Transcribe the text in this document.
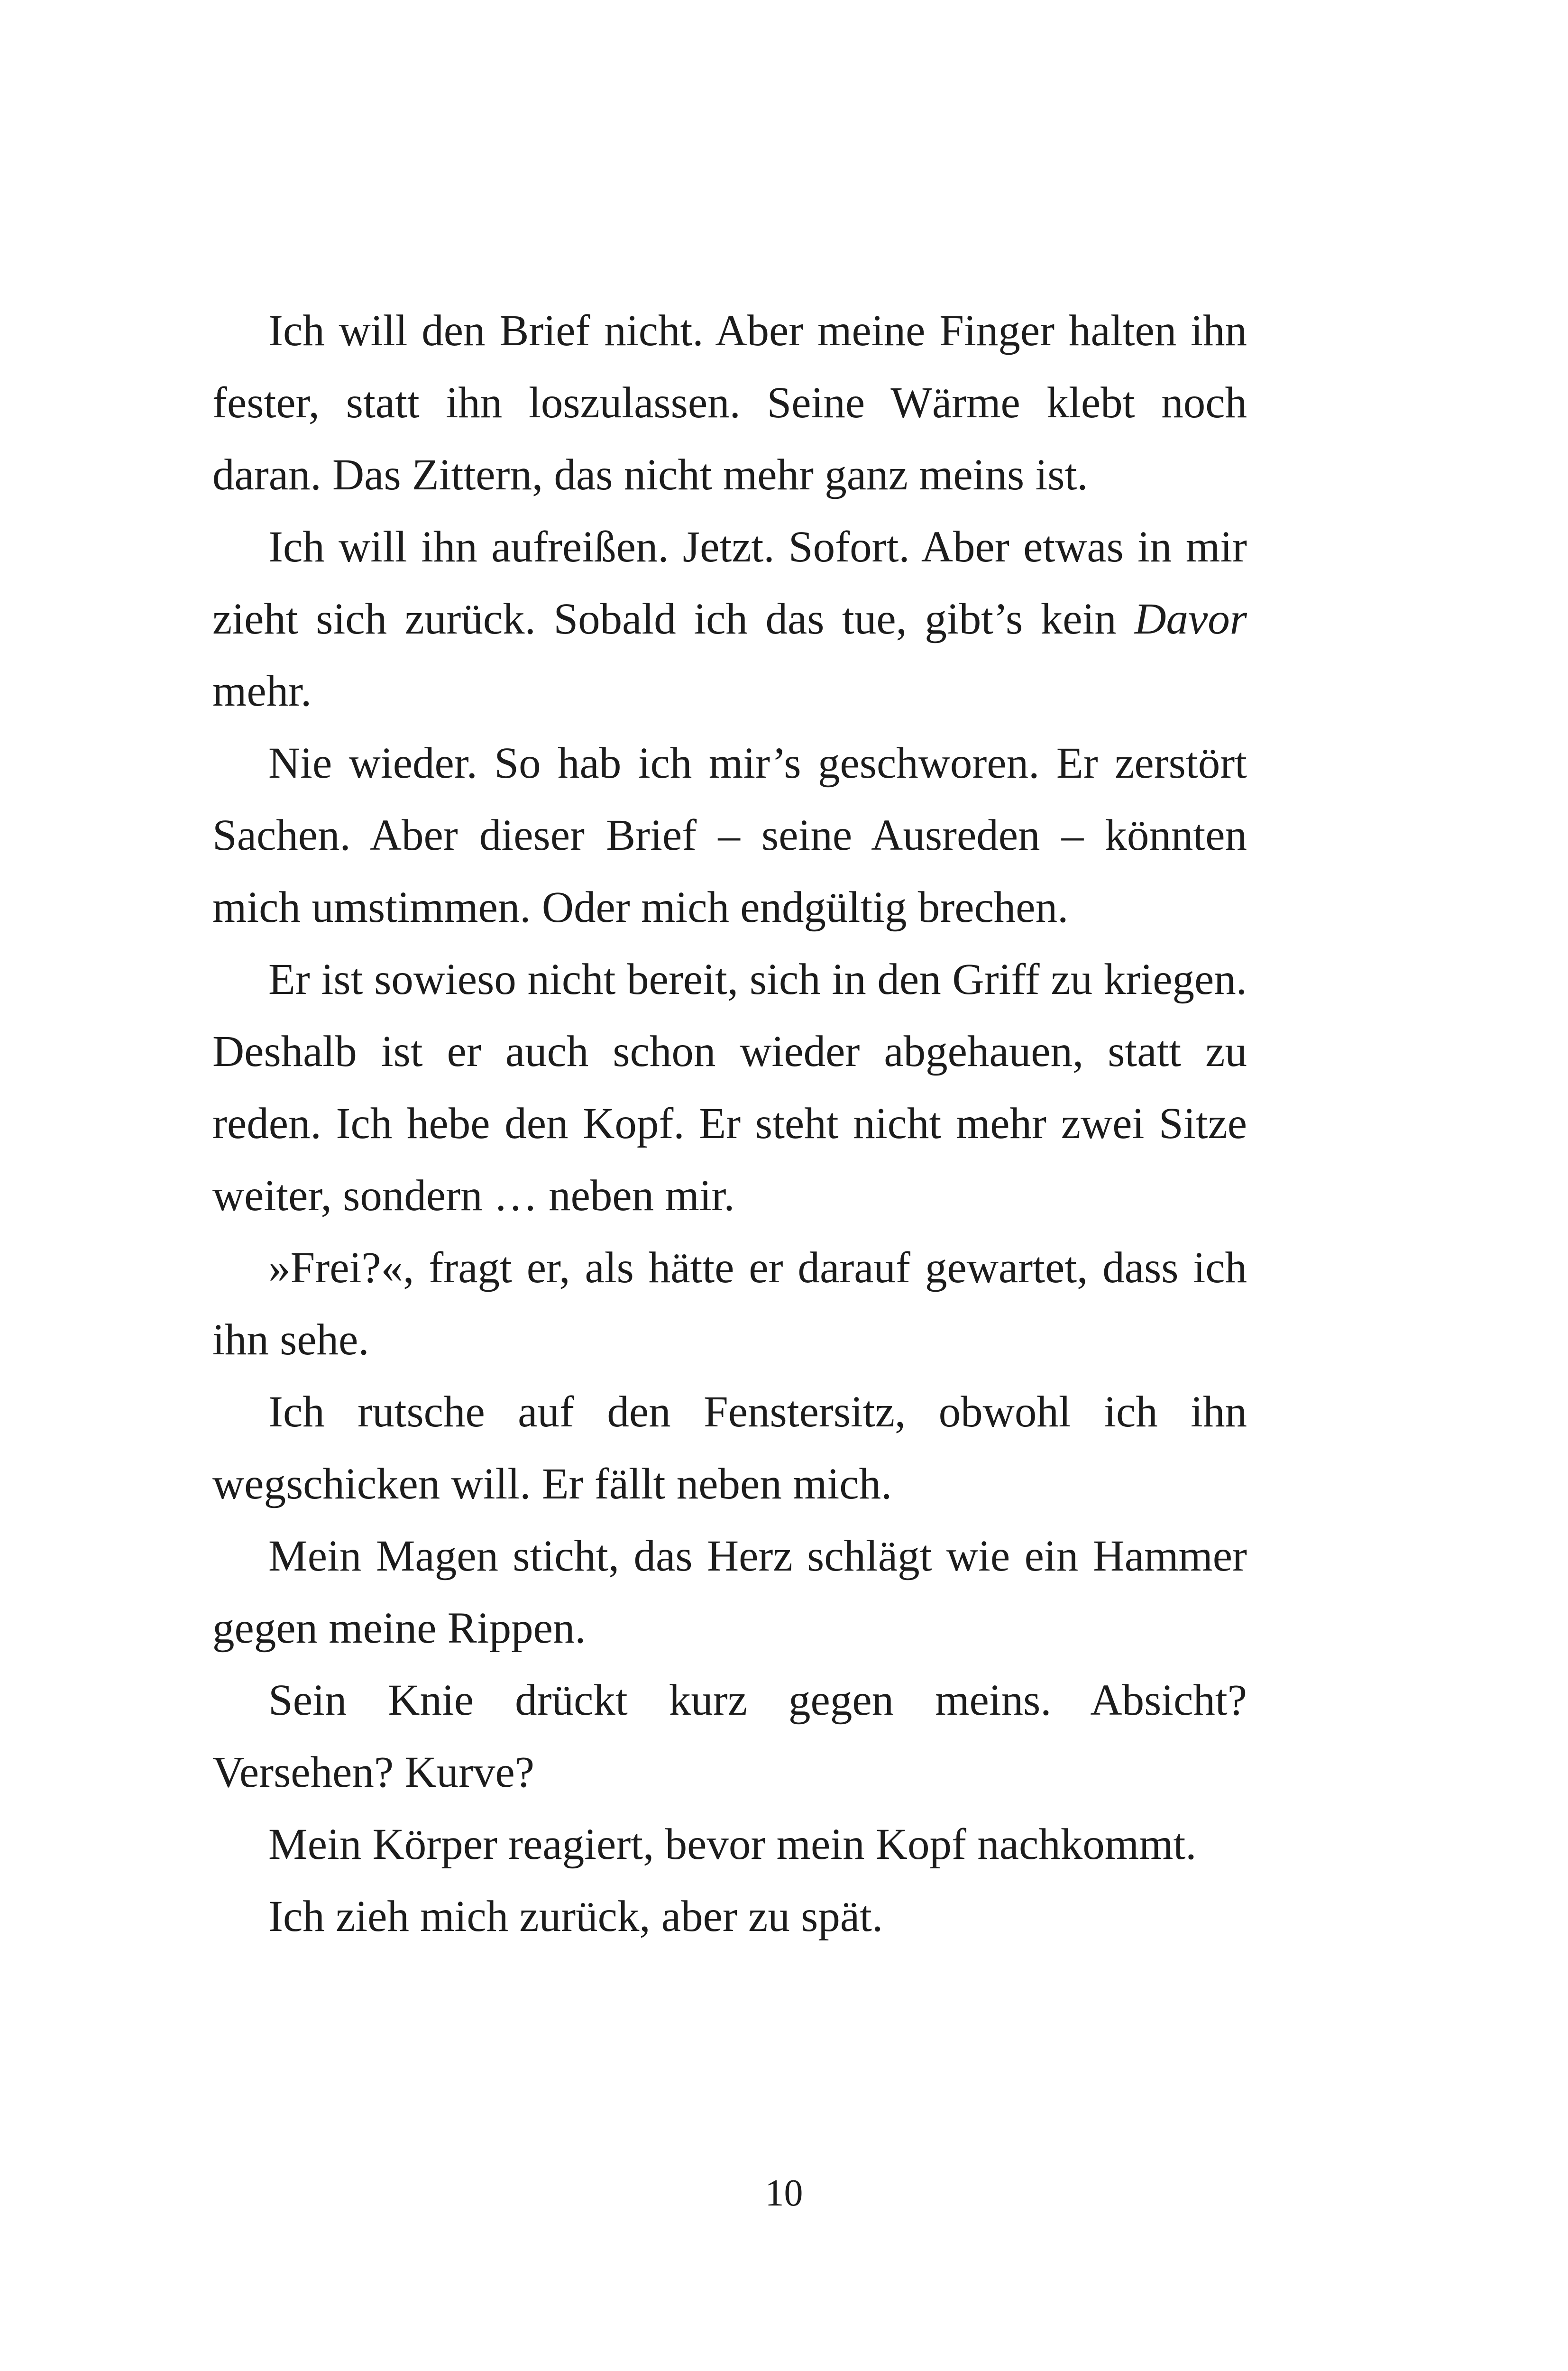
Ich will den Brief nicht. Aber meine Finger halten ihn fester, statt ihn loszulassen. Seine Wärme klebt noch daran. Das Zittern, das nicht mehr ganz meins ist.

Ich will ihn aufreißen. Jetzt. Sofort. Aber etwas in mir zieht sich zurück. Sobald ich das tue, gibt’s kein Davor mehr.

Nie wieder. So hab ich mir’s geschworen. Er zerstört Sachen. Aber dieser Brief – seine Ausreden – könnten mich umstimmen. Oder mich endgültig brechen.

Er ist sowieso nicht bereit, sich in den Griff zu kriegen. Deshalb ist er auch schon wieder abgehauen, statt zu reden. Ich hebe den Kopf. Er steht nicht mehr zwei Sitze weiter, sondern … neben mir.

»Frei?«, fragt er, als hätte er darauf gewartet, dass ich ihn sehe.

Ich rutsche auf den Fenstersitz, obwohl ich ihn wegschicken will. Er fällt neben mich.

Mein Magen sticht, das Herz schlägt wie ein Hammer gegen meine Rippen.

Sein Knie drückt kurz gegen meins. Absicht? Versehen? Kurve?

Mein Körper reagiert, bevor mein Kopf nachkommt.

Ich zieh mich zurück, aber zu spät.

10
